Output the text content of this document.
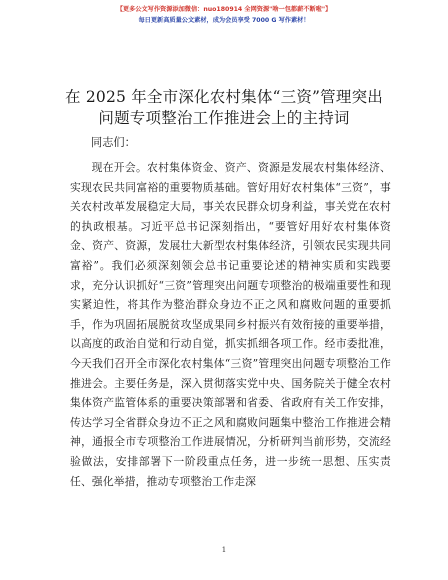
【更多公文写作资源添加微信：nuo180914 全网资源"啥一包都薪不断啦"】
每日更新高质量公文素材，成为会员享受 7000 G 写作素材！
在 2025 年全市深化农村集体“三资”管理突出
问题专项整治工作推进会上的主持词
同志们：

现在开会。农村集体资金、资产、资源是发展农村集体经济、实现农民共同富裕的重要物质基础。管好用好农村集体“三资”，事关农村改革发展稳定大局，事关农民群众切身利益，事关党在农村的执政根基。习近平总书记深刻指出，“要管好用好农村集体资金、资产、资源，发展壮大新型农村集体经济，引领农民实现共同富裕”。我们必须深刻领会总书记重要论述的精神实质和实践要求，充分认识抓好“三资”管理突出问题专项整治的极端重要性和现实紧迫性，将其作为整治群众身边不正之风和腐败问题的重要抓手，作为巩固拓展脱贫攻坚成果同乡村振兴有效衔接的重要举措，以高度的政治自觉和行动自觉，抓实抓细各项工作。经市委批准，今天我们召开全市深化农村集体“三资”管理突出问题专项整治工作推进会。主要任务是，深入贯彻落实党中央、国务院关于健全农村集体资产监管体系的重要决策部署和省委、省政府有关工作安排，传达学习全省群众身边不正之风和腐败问题集中整治工作推进会精神，通报全市专项整治工作进展情况，分析研判当前形势，交流经验做法，安排部署下一阶段重点任务，进一步统一思想、压实责任、强化举措，推动专项整治工作走深

1
